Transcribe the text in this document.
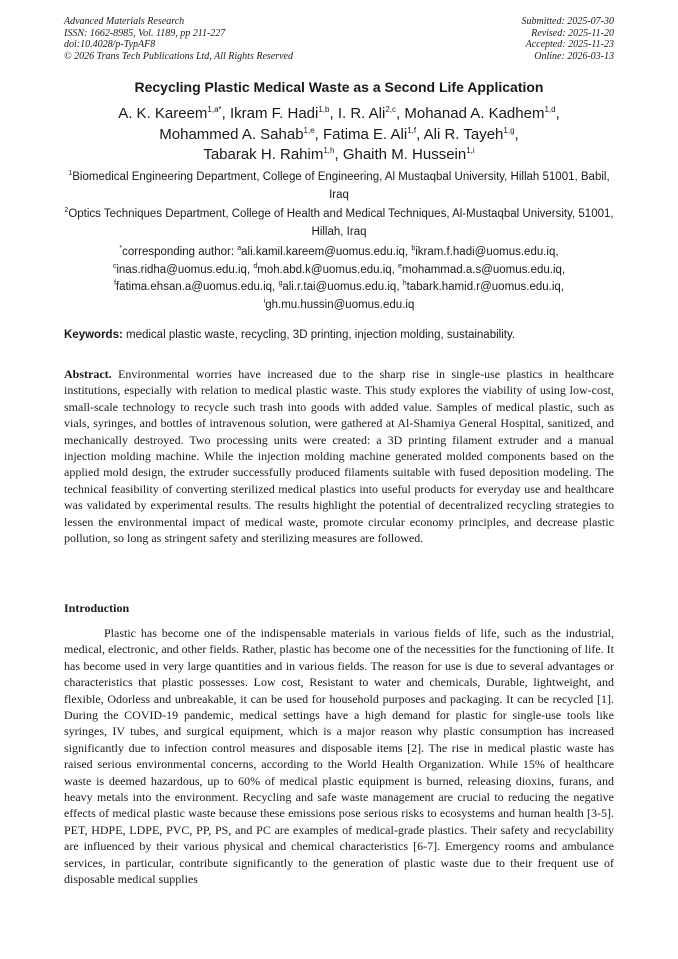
Advanced Materials Research
ISSN: 1662-8985, Vol. 1189, pp 211-227
doi:10.4028/p-TypAF8
© 2026 Trans Tech Publications Ltd, All Rights Reserved
Submitted: 2025-07-30
Revised: 2025-11-20
Accepted: 2025-11-23
Online: 2026-03-13
Recycling Plastic Medical Waste as a Second Life Application
A. K. Kareem$^{1,a*}$, Ikram F. Hadi$^{1,b}$, I. R. Ali$^{2,c}$, Mohanad A. Kadhem$^{1,d}$,
Mohammed A. Sahab$^{1,e}$, Fatima E. Ali$^{1,f}$, Ali R. Tayeh$^{1,g}$,
Tabarak H. Rahim$^{1,h}$, Ghaith M. Hussein$^{1,i}$
$^1$Biomedical Engineering Department, College of Engineering, Al Mustaqbal University, Hillah 51001, Babil, Iraq
$^2$Optics Techniques Department, College of Health and Medical Techniques, Al-Mustaqbal University, 51001, Hillah, Iraq
*corresponding author: $^a$ali.kamil.kareem@uomus.edu.iq, $^b$ikram.f.hadi@uomus.edu.iq,
$^c$inas.ridha@uomus.edu.iq, $^d$moh.abd.k@uomus.edu.iq, $^e$mohammad.a.s@uomus.edu.iq,
$^f$fatima.ehsan.a@uomus.edu.iq, $^g$ali.r.tai@uomus.edu.iq, $^h$tabark.hamid.r@uomus.edu.iq,
$^i$gh.mu.hussin@uomus.edu.iq
Keywords: medical plastic waste, recycling, 3D printing, injection molding, sustainability.
Abstract. Environmental worries have increased due to the sharp rise in single-use plastics in healthcare institutions, especially with relation to medical plastic waste. This study explores the viability of using low-cost, small-scale technology to recycle such trash into goods with added value. Samples of medical plastic, such as vials, syringes, and bottles of intravenous solution, were gathered at Al-Shamiya General Hospital, sanitized, and mechanically destroyed. Two processing units were created: a 3D printing filament extruder and a manual injection molding machine. While the injection molding machine generated molded components based on the applied mold design, the extruder successfully produced filaments suitable with fused deposition modeling. The technical feasibility of converting sterilized medical plastics into useful products for everyday use and healthcare was validated by experimental results. The results highlight the potential of decentralized recycling strategies to lessen the environmental impact of medical waste, promote circular economy principles, and decrease plastic pollution, so long as stringent safety and sterilizing measures are followed.
Introduction
Plastic has become one of the indispensable materials in various fields of life, such as the industrial, medical, electronic, and other fields. Rather, plastic has become one of the necessities for the functioning of life. It has become used in very large quantities and in various fields. The reason for use is due to several advantages or characteristics that plastic possesses. Low cost, Resistant to water and chemicals, Durable, lightweight, and flexible, Odorless and unbreakable, it can be used for household purposes and packaging. It can be recycled [1]. During the COVID-19 pandemic, medical settings have a high demand for plastic for single-use tools like syringes, IV tubes, and surgical equipment, which is a major reason why plastic consumption has increased significantly due to infection control measures and disposable items [2]. The rise in medical plastic waste has raised serious environmental concerns, according to the World Health Organization. While 15% of healthcare waste is deemed hazardous, up to 60% of medical plastic equipment is burned, releasing dioxins, furans, and heavy metals into the environment. Recycling and safe waste management are crucial to reducing the negative effects of medical plastic waste because these emissions pose serious risks to ecosystems and human health [3-5]. PET, HDPE, LDPE, PVC, PP, PS, and PC are examples of medical-grade plastics. Their safety and recyclability are influenced by their various physical and chemical characteristics [6-7]. Emergency rooms and ambulance services, in particular, contribute significantly to the generation of plastic waste due to their frequent use of disposable medical supplies
